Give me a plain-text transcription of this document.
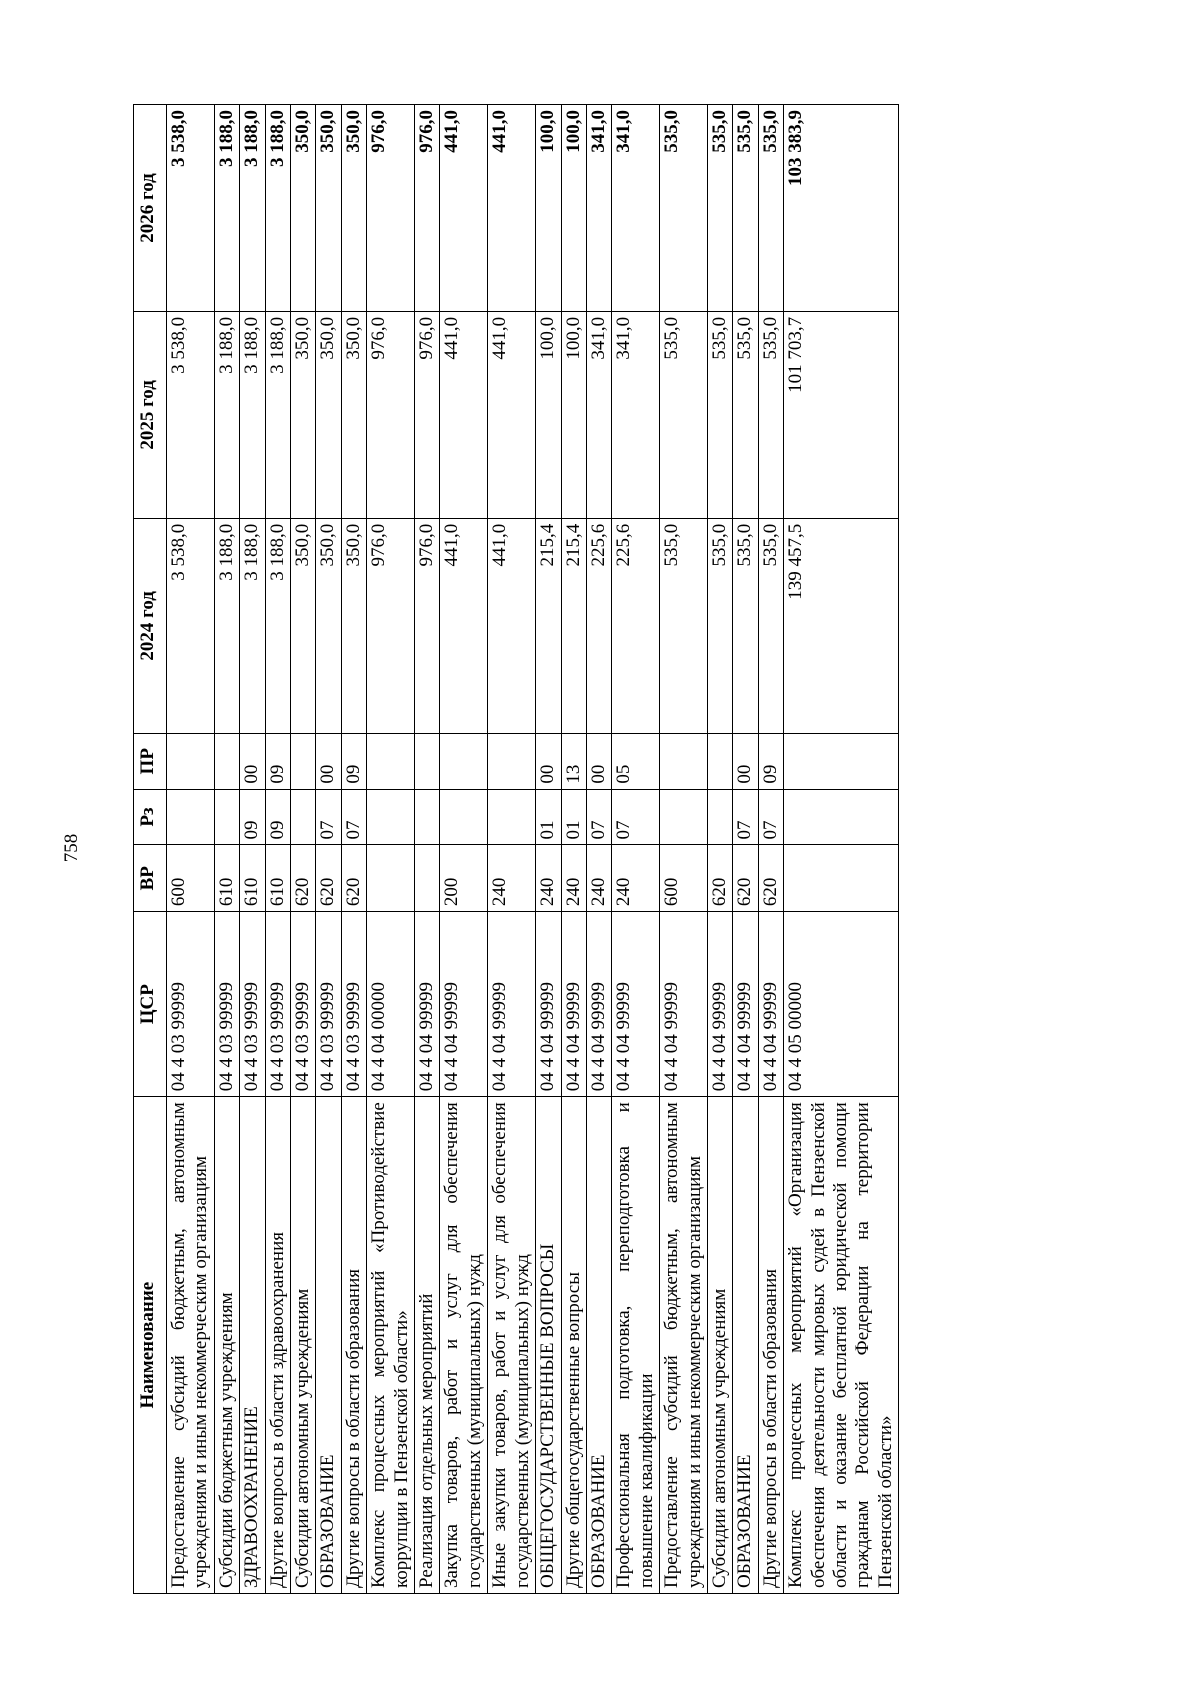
758
Наименование	ЦСР	ВР	Рз	ПР	2024 год	2025 год	2026 год
Предоставление субсидий бюджетным, автономным учреждениям и иным некоммерческим организациям	04 4 03 99999	600			3 538,0	3 538,0	3 538,0
Субсидии бюджетным учреждениям	04 4 03 99999	610			3 188,0	3 188,0	3 188,0
ЗДРАВООХРАНЕНИЕ	04 4 03 99999	610	09	00	3 188,0	3 188,0	3 188,0
Другие вопросы в области здравоохранения	04 4 03 99999	610	09	09	3 188,0	3 188,0	3 188,0
Субсидии автономным учреждениям	04 4 03 99999	620			350,0	350,0	350,0
ОБРАЗОВАНИЕ	04 4 03 99999	620	07	00	350,0	350,0	350,0
Другие вопросы в области образования	04 4 03 99999	620	07	09	350,0	350,0	350,0
Комплекс процессных мероприятий «Противодействие коррупции в Пензенской области»	04 4 04 00000				976,0	976,0	976,0
Реализация отдельных мероприятий	04 4 04 99999				976,0	976,0	976,0
Закупка товаров, работ и услуг для обеспечения государственных (муниципальных) нужд	04 4 04 99999	200			441,0	441,0	441,0
Иные закупки товаров, работ и услуг для обеспечения государственных (муниципальных) нужд	04 4 04 99999	240			441,0	441,0	441,0
ОБЩЕГОСУДАРСТВЕННЫЕ ВОПРОСЫ	04 4 04 99999	240	01	00	215,4	100,0	100,0
Другие общегосударственные вопросы	04 4 04 99999	240	01	13	215,4	100,0	100,0
ОБРАЗОВАНИЕ	04 4 04 99999	240	07	00	225,6	341,0	341,0
Профессиональная подготовка, переподготовка и повышение квалификации	04 4 04 99999	240	07	05	225,6	341,0	341,0
Предоставление субсидий бюджетным, автономным учреждениям и иным некоммерческим организациям	04 4 04 99999	600			535,0	535,0	535,0
Субсидии автономным учреждениям	04 4 04 99999	620			535,0	535,0	535,0
ОБРАЗОВАНИЕ	04 4 04 99999	620	07	00	535,0	535,0	535,0
Другие вопросы в области образования	04 4 04 99999	620	07	09	535,0	535,0	535,0
Комплекс процессных мероприятий «Организация обеспечения деятельности мировых судей в Пензенской области и оказание бесплатной юридической помощи гражданам Российской Федерации на территории Пензенской области»	04 4 05 00000				139 457,5	101 703,7	103 383,9
